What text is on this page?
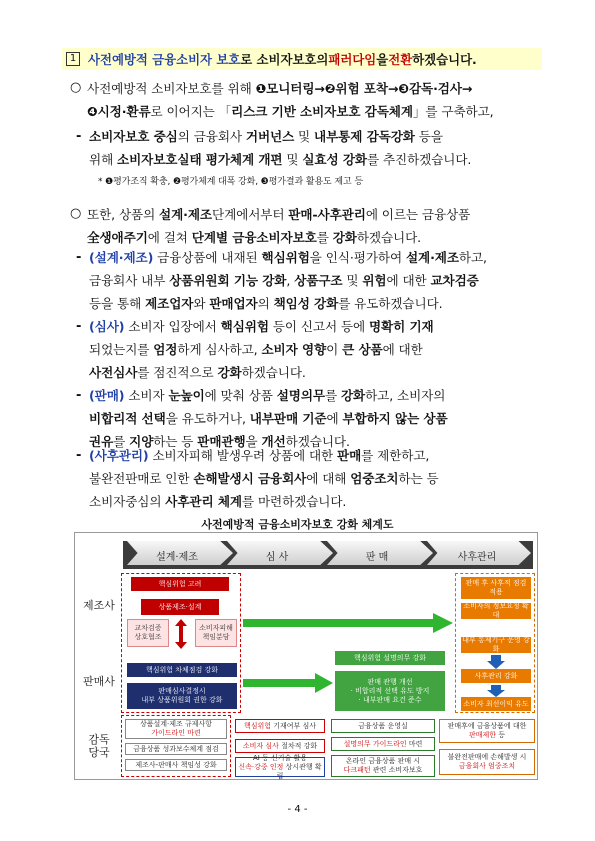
1 사전예방적 금융소비자 보호 로 소비자보호의 패러다임 을 전환 하겠습니다.
○ 사전예방적 소비자보호를 위해 ❶모니터링→❷위험 포착→❸감독·검사→
❹시정·환류로 이어지는 「리스크 기반 소비자보호 감독체계」를 구축하고,
- 소비자보호 중심의 금융회사 거버넌스 및 내부통제 감독강화 등을
위해 소비자보호실태 평가체계 개편 및 실효성 강화를 추진하겠습니다.
* ❶평가조직 확충, ❷평가체계 대폭 강화, ❸평가결과 활용도 제고 등
○ 또한, 상품의 설계·제조단계에서부터 판매-사후관리에 이르는 금융상품
全생애주기에 걸쳐 단계별 금융소비자보호를 강화하겠습니다.
- (설계·제조) 금융상품에 내재된 핵심위험을 인식·평가하여 설계·제조하고,
금융회사 내부 상품위원회 기능 강화, 상품구조 및 위험에 대한 교차검증
등을 통해 제조업자와 판매업자의 책임성 강화를 유도하겠습니다.
- (심사) 소비자 입장에서 핵심위험 등이 신고서 등에 명확히 기재
되었는지를 엄정하게 심사하고, 소비자 영향이 큰 상품에 대한
사전심사를 점진적으로 강화하겠습니다.
- (판매) 소비자 눈높이에 맞춰 상품 설명의무를 강화하고, 소비자의
비합리적 선택을 유도하거나, 내부판매 기준에 부합하지 않는 상품
권유를 지양하는 등 판매관행을 개선하겠습니다.
- (사후관리) 소비자피해 발생우려 상품에 대한 판매를 제한하고,
불완전판매로 인한 손해발생시 금융회사에 대해 엄중조치하는 등
소비자중심의 사후관리 체계를 마련하겠습니다.
사전예방적 금융소비자보호 강화 체계도
설계·제조	심 사	판 매	사후관리
제조사
판매사
감독
당국
핵심위험 고려
상품제조·설계
교차검증
상호협조
소비자피해
책임분담
핵심위험 차체점검 강화
판매심사결정시
내부 상품위원회 권한 강화
핵심위험 설명의무 강화
판매 관행 개선
· 비합리적 선택 유도 방지
· 내부판매 요건 준수
판매 후 사후적 점검 적용
소비자의 정보요청 확대
내부 통제기구 운영 강화
사후관리 강화
소비자 최선이익 유도
상품설계·제조 규제사항
가이드라인 마련
금융상품 성과보수체계 점검
제조사-판매사 책임성 강화
핵심위험 기재여부 심사
소비자 심사 절차적 강화
AI 등 신기술 활용
신속·강중 인정 상시관행 확립
금융상품 운영실
설명의무 가이드라인 마련
온라인 금융상품 판매 시
다크패턴 관련 소비자보호
판매후에 금융상품에 대한
판매제한 등
불완전판매에 손해발생 시
금융회사 엄중조치
- 4 -
